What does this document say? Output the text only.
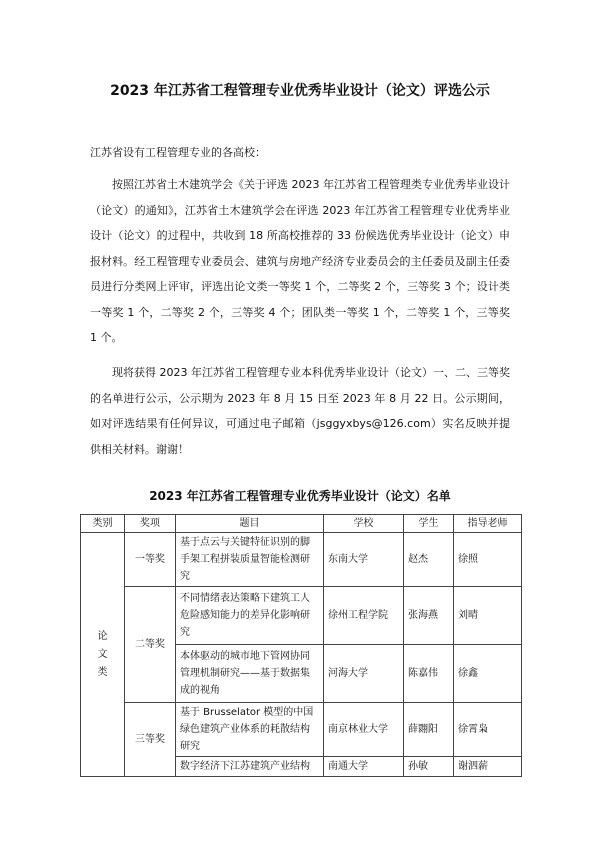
2023 年江苏省工程管理专业优秀毕业设计（论文）评选公示
江苏省设有工程管理专业的各高校：
按照江苏省土木建筑学会《关于评选 2023 年江苏省工程管理类专业优秀毕业设计（论文）的通知》，江苏省土木建筑学会在评选 2023 年江苏省工程管理专业优秀毕业设计（论文）的过程中，共收到 18 所高校推荐的 33 份候选优秀毕业设计（论文）申报材料。经工程管理专业委员会、建筑与房地产经济专业委员会的主任委员及副主任委员进行分类网上评审，评选出论文类一等奖 1 个，二等奖 2 个，三等奖 3 个；设计类一等奖 1 个，二等奖 2 个，三等奖 4 个；团队类一等奖 1 个，二等奖 1 个，三等奖 1 个。
现将获得 2023 年江苏省工程管理专业本科优秀毕业设计（论文）一、二、三等奖的名单进行公示，公示期为 2023 年 8 月 15 日至 2023 年 8 月 22 日。公示期间，如对评选结果有任何异议，可通过电子邮箱（jsggyxbys@126.com）实名反映并提供相关材料。谢谢！
2023 年江苏省工程管理专业优秀毕业设计（论文）名单
类别	奖项	题目	学校	学生	指导老师

论
文
类	一等奖	基于点云与关键特征识别的脚手架工程拼装质量智能检测研究	东南大学	赵杰	徐照
	二等奖	不同情绪表达策略下建筑工人危险感知能力的差异化影响研究	徐州工程学院	张海燕	刘晴
		本体驱动的城市地下管网协同管理机制研究——基于数据集成的视角	河海大学	陈嘉伟	徐鑫
	三等奖	基于 Brusselator 模型的中国绿色建筑产业体系的耗散结构研究	南京林业大学	薛翾阳	徐霄枭
		数字经济下江苏建筑产业结构	南通大学	孙敏	谢泗薪
